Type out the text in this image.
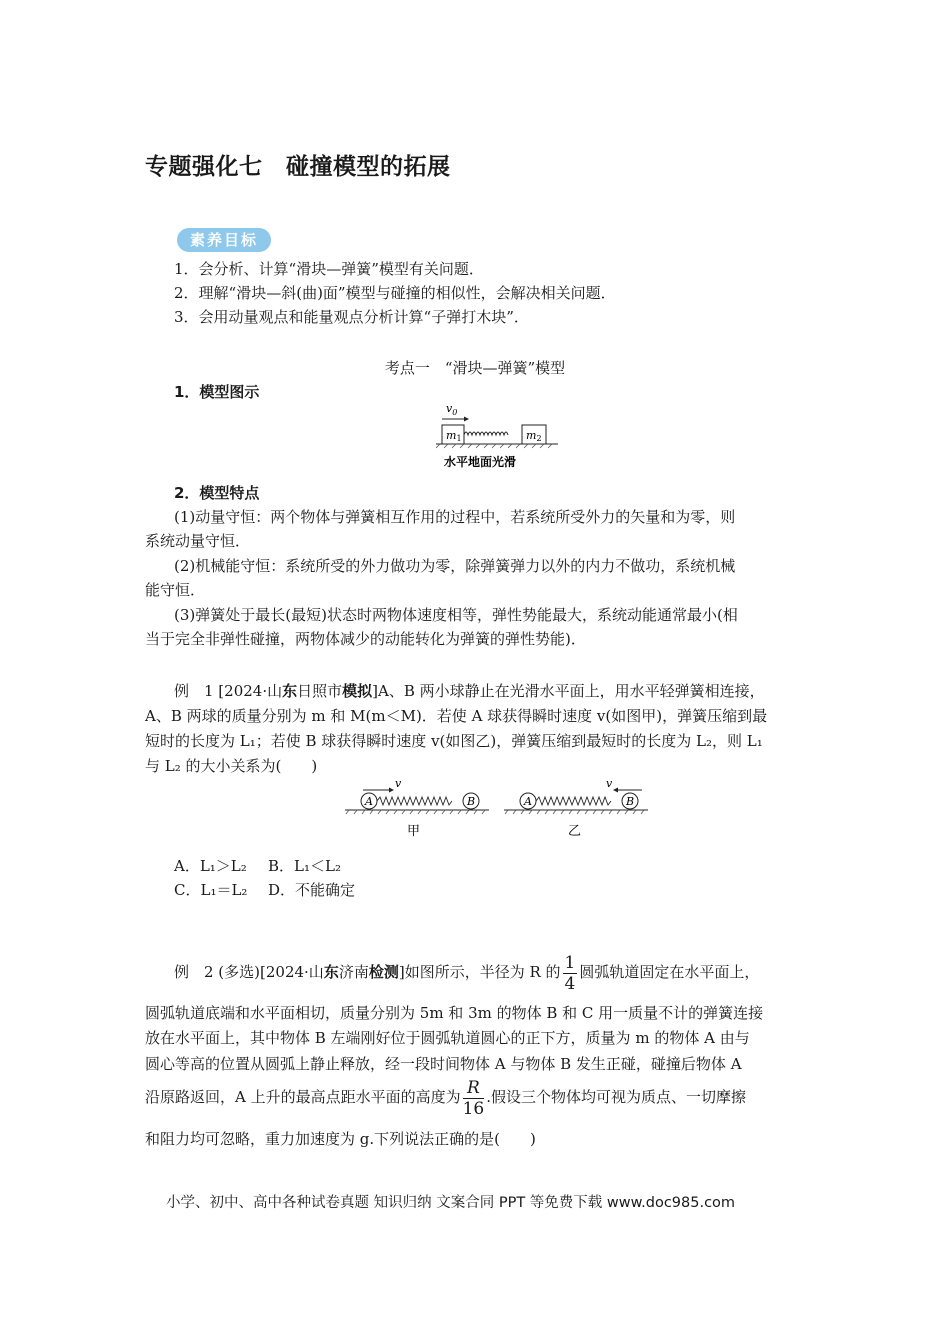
专题强化七　碰撞模型的拓展
素养目标
1．会分析、计算“滑块—弹簧”模型有关问题．
2．理解“滑块—斜(曲)面”模型与碰撞的相似性，会解决相关问题．
3．会用动量观点和能量观点分析计算“子弹打木块”．
考点一　“滑块—弹簧”模型
1．模型图示
$v_0$
m1	m2
水平地面光滑
2．模型特点
(1)动量守恒：两个物体与弹簧相互作用的过程中，若系统所受外力的矢量和为零，则
系统动量守恒．
(2)机械能守恒：系统所受的外力做功为零，除弹簧弹力以外的内力不做功，系统机械
能守恒．
(3)弹簧处于最长(最短)状态时两物体速度相等，弹性势能最大，系统动能通常最小(相
当于完全非弹性碰撞，两物体减少的动能转化为弹簧的弹性势能)．
例　1 [2024·山东日照市模拟]A、B 两小球静止在光滑水平面上，用水平轻弹簧相连接，
A、B 两球的质量分别为 m 和 M(m＜M)．若使 A 球获得瞬时速度 v(如图甲)，弹簧压缩到最
短时的长度为 L₁；若使 B 球获得瞬时速度 v(如图乙)，弹簧压缩到最短时的长度为 L₂，则 L₁
与 L₂ 的大小关系为(　　)
v
A	B
甲
v
A	B
乙
A．L₁＞L₂ B．L₁＜L₂
C．L₁＝L₂ D．不能确定
例　2 (多选)[2024·山东济南检测]如图所示，半径为 R 的 $\frac{1}{4}$ 圆弧轨道固定在水平面上，
圆弧轨道底端和水平面相切，质量分别为 5m 和 3m 的物体 B 和 C 用一质量不计的弹簧连接
放在水平面上，其中物体 B 左端刚好位于圆弧轨道圆心的正下方，质量为 m 的物体 A 由与
圆心等高的位置从圆弧上静止释放，经一段时间物体 A 与物体 B 发生正碰，碰撞后物体 A
沿原路返回，A 上升的最高点距水平面的高度为 $\frac{R}{16}$ .假设三个物体均可视为质点、一切摩擦
和阻力均可忽略，重力加速度为 g.下列说法正确的是(　　)
小学、初中、高中各种试卷真题 知识归纳 文案合同 PPT 等免费下载 www.doc985.com
